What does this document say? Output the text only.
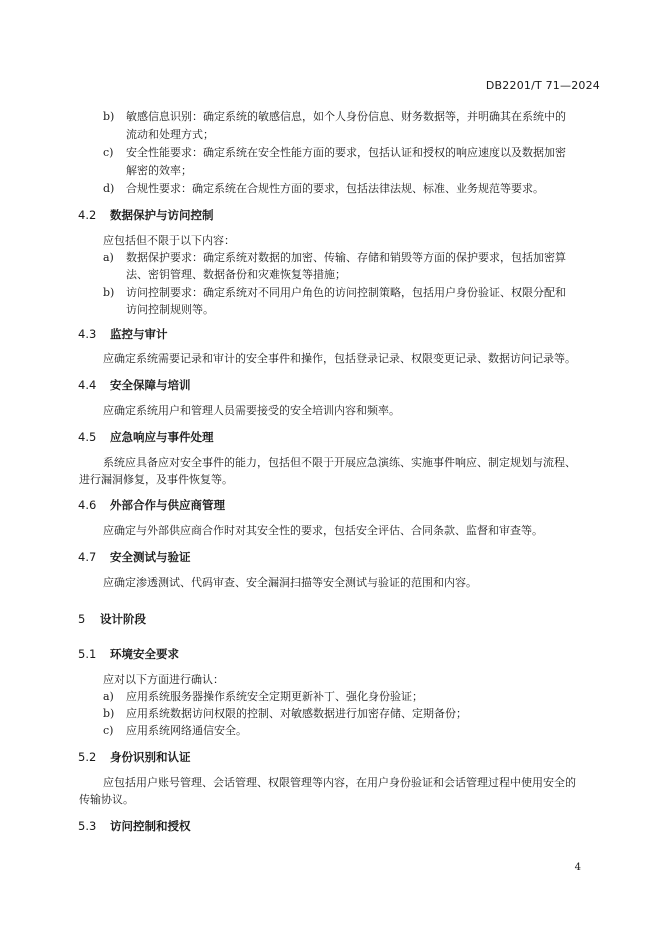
DB2201/T 71—2024
b) 敏感信息识别：确定系统的敏感信息，如个人身份信息、财务数据等，并明确其在系统中的
流动和处理方式；
c) 安全性能要求：确定系统在安全性能方面的要求，包括认证和授权的响应速度以及数据加密
解密的效率；
d) 合规性要求：确定系统在合规性方面的要求，包括法律法规、标准、业务规范等要求。
4.2 数据保护与访问控制
应包括但不限于以下内容：
a) 数据保护要求：确定系统对数据的加密、传输、存储和销毁等方面的保护要求，包括加密算
法、密钥管理、数据备份和灾难恢复等措施；
b) 访问控制要求：确定系统对不同用户角色的访问控制策略，包括用户身份验证、权限分配和
访问控制规则等。
4.3 监控与审计
应确定系统需要记录和审计的安全事件和操作，包括登录记录、权限变更记录、数据访问记录等。
4.4 安全保障与培训
应确定系统用户和管理人员需要接受的安全培训内容和频率。
4.5 应急响应与事件处理
系统应具备应对安全事件的能力，包括但不限于开展应急演练、实施事件响应、制定规划与流程、
进行漏洞修复，及事件恢复等。
4.6 外部合作与供应商管理
应确定与外部供应商合作时对其安全性的要求，包括安全评估、合同条款、监督和审查等。
4.7 安全测试与验证
应确定渗透测试、代码审查、安全漏洞扫描等安全测试与验证的范围和内容。
5 设计阶段
5.1 环境安全要求
应对以下方面进行确认：
a) 应用系统服务器操作系统安全定期更新补丁、强化身份验证；
b) 应用系统数据访问权限的控制、对敏感数据进行加密存储、定期备份；
c) 应用系统网络通信安全。
5.2 身份识别和认证
应包括用户账号管理、会话管理、权限管理等内容，在用户身份验证和会话管理过程中使用安全的
传输协议。
5.3 访问控制和授权
4
